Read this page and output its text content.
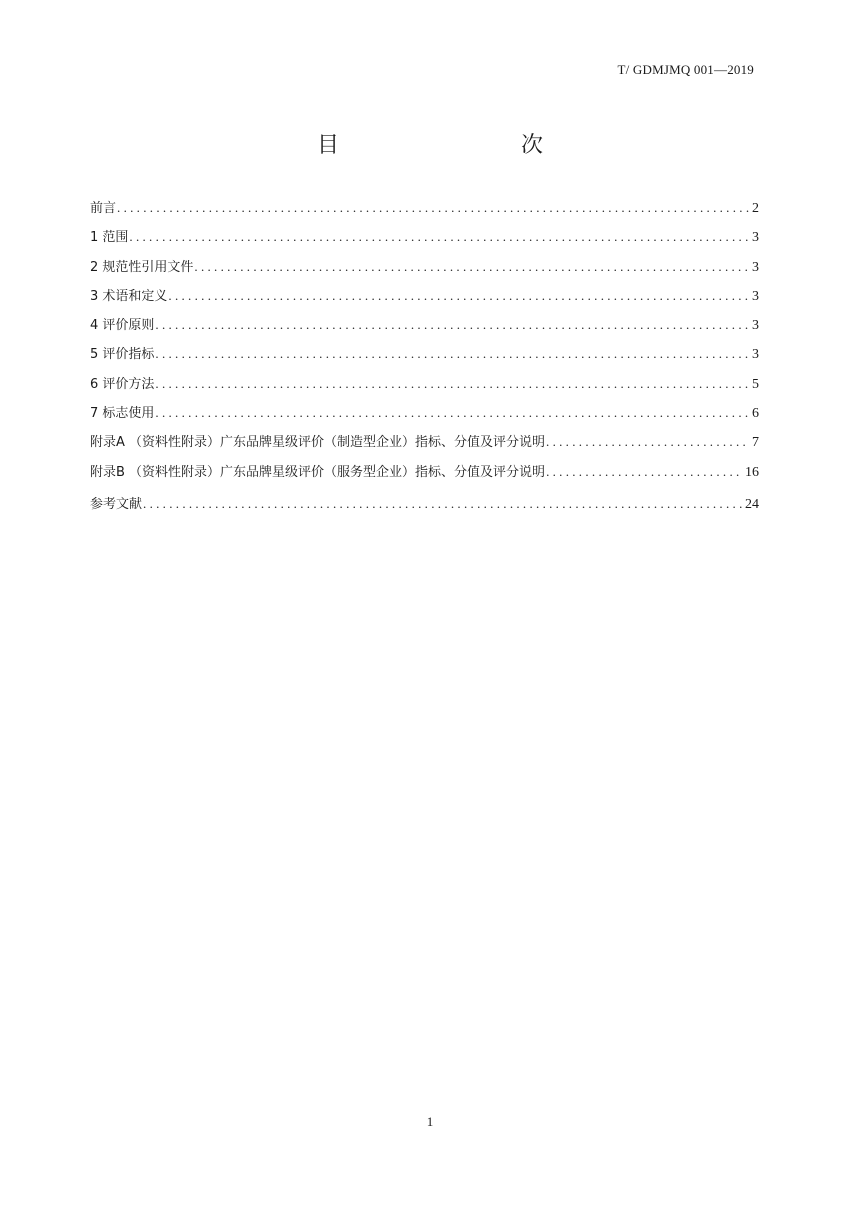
T/ GDMJMQ 001—2019
目　　次
前言 .....	2
1 范围 .....	3
2 规范性引用文件 .....	3
3 术语和定义 .....	3
4 评价原则 .....	3
5 评价指标 .....	3
6 评价方法 .....	5
7 标志使用 .....	6
附录A （资料性附录）广东品牌星级评价（制造型企业）指标、分值及评分说明 .....	7
附录B （资料性附录）广东品牌星级评价（服务型企业）指标、分值及评分说明 .....	16
参考文献 .....	24
1
